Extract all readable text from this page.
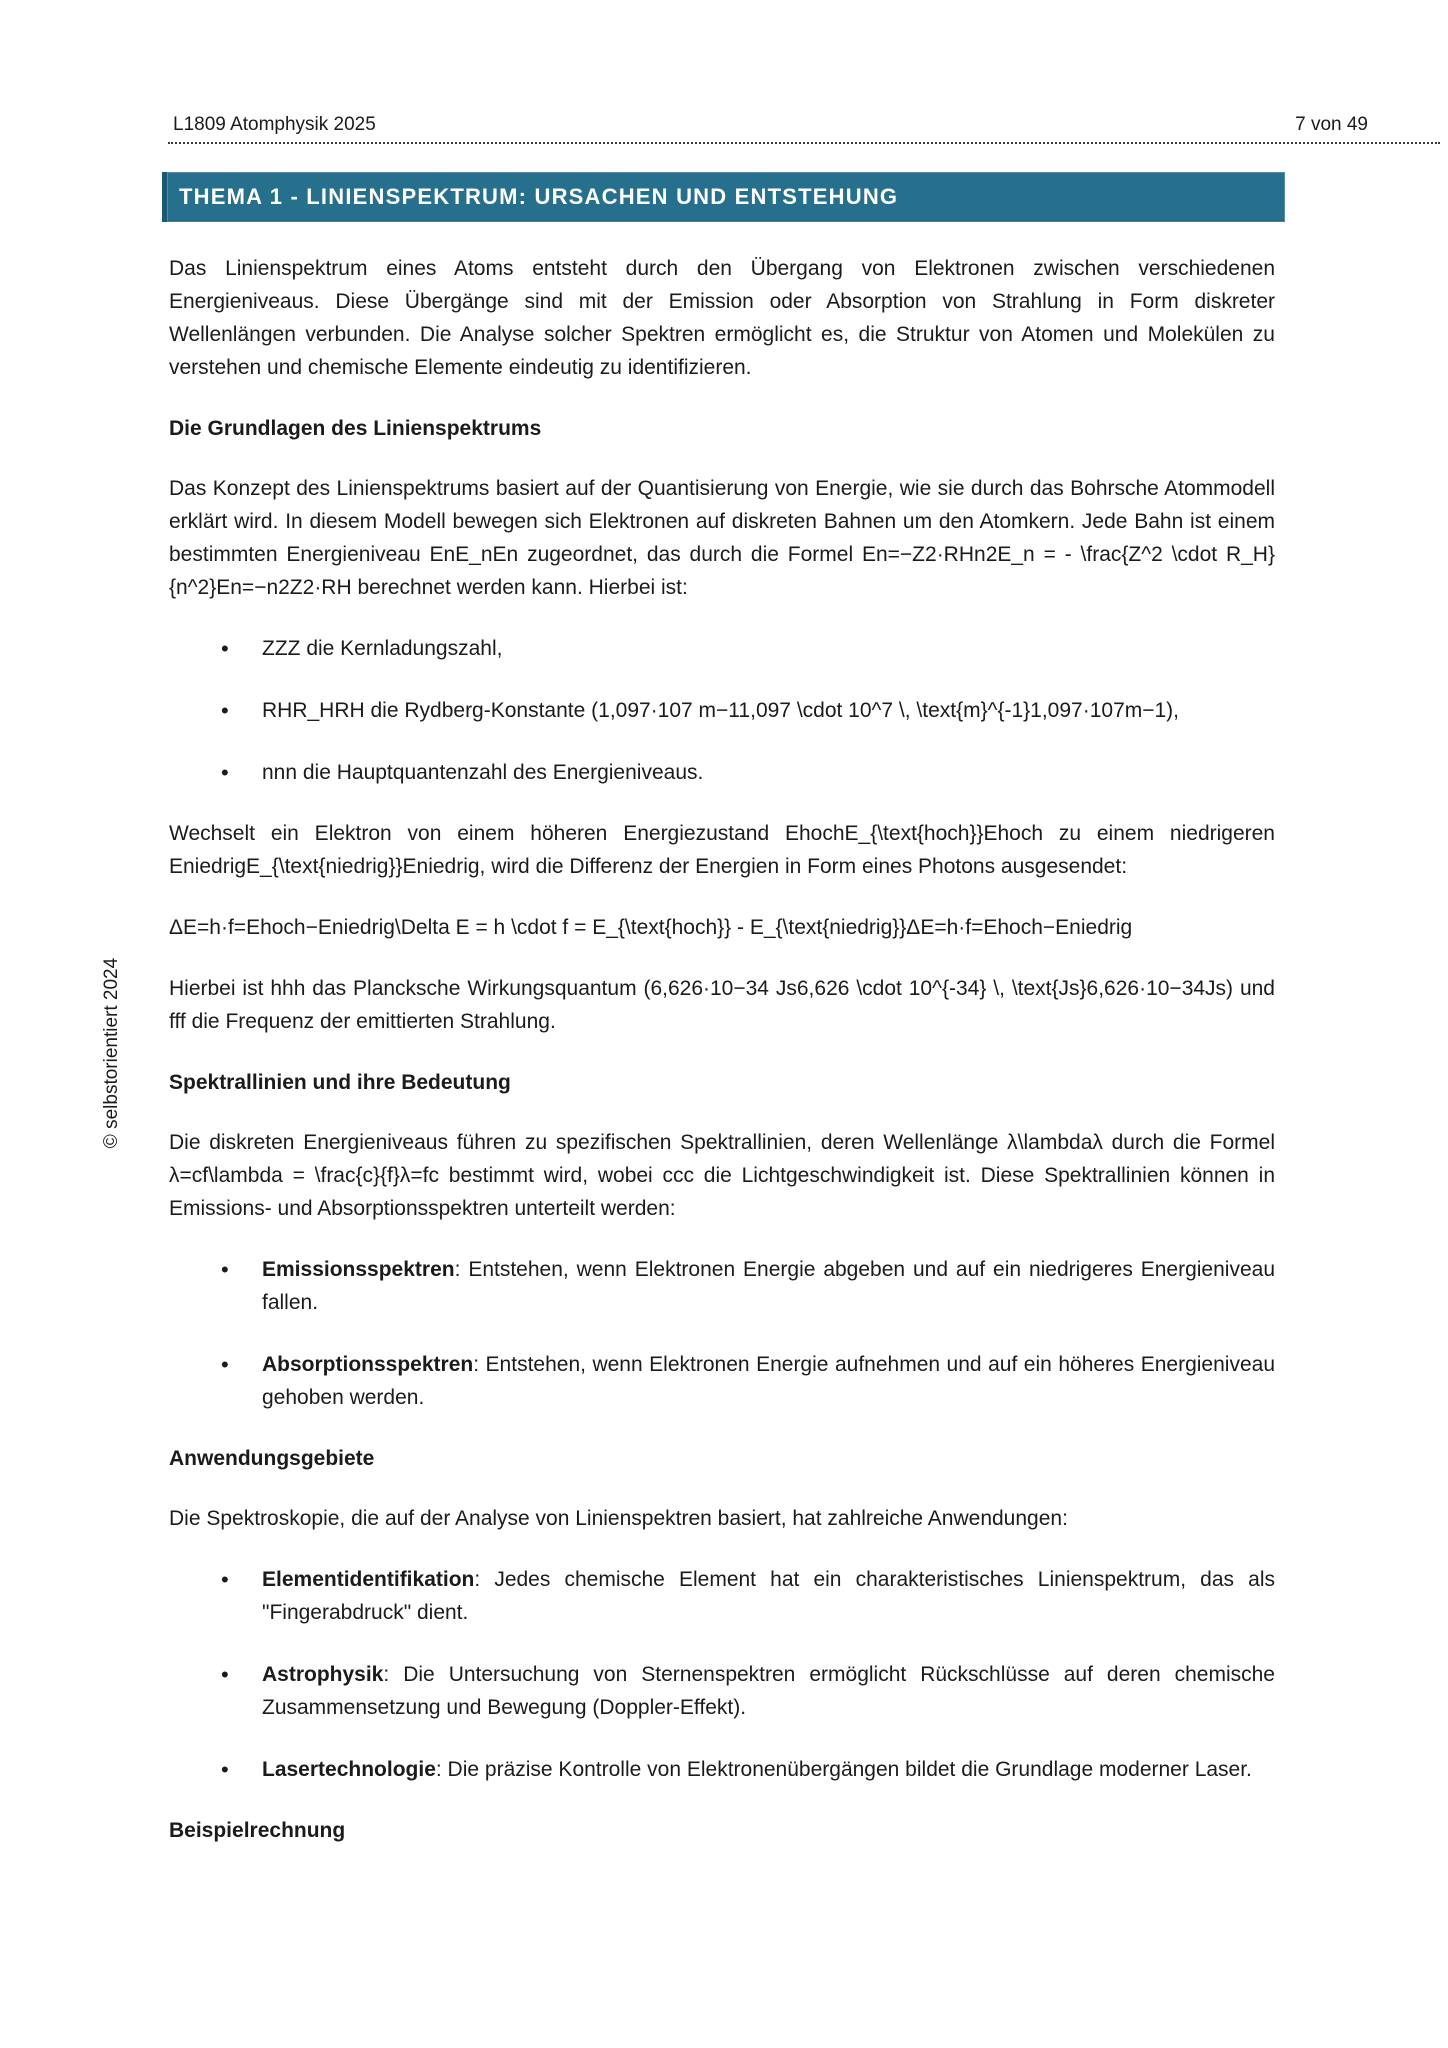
L1809 Atomphysik 2025	7 von 49
© selbstorientiert 2024
THEMA 1 - LINIENSPEKTRUM: URSACHEN UND ENTSTEHUNG

Das Linienspektrum eines Atoms entsteht durch den Übergang von Elektronen zwischen verschiedenen Energieniveaus. Diese Übergänge sind mit der Emission oder Absorption von Strahlung in Form diskreter Wellenlängen verbunden. Die Analyse solcher Spektren ermöglicht es, die Struktur von Atomen und Molekülen zu verstehen und chemische Elemente eindeutig zu identifizieren.

Die Grundlagen des Linienspektrums

Das Konzept des Linienspektrums basiert auf der Quantisierung von Energie, wie sie durch das Bohrsche Atommodell erklärt wird. In diesem Modell bewegen sich Elektronen auf diskreten Bahnen um den Atomkern. Jede Bahn ist einem bestimmten Energieniveau EnE_nEn zugeordnet, das durch die Formel En=−Z2·RHn2E_n = - \frac{Z^2 \cdot R_H}{n^2}En=−n2Z2·RH berechnet werden kann. Hierbei ist:

• ZZZ die Kernladungszahl,
• RHR_HRH die Rydberg-Konstante (1,097·107 m−11,097 \cdot 10^7 \, \text{m}^{-1}1,097·107m−1),
• nnn die Hauptquantenzahl des Energieniveaus.

Wechselt ein Elektron von einem höheren Energiezustand EhochE_{\text{hoch}}Ehoch zu einem niedrigeren EniedrigE_{\text{niedrig}}Eniedrig, wird die Differenz der Energien in Form eines Photons ausgesendet:

ΔE=h·f=Ehoch−Eniedrig\Delta E = h \cdot f = E_{\text{hoch}} - E_{\text{niedrig}}ΔE=h·f=Ehoch−Eniedrig

Hierbei ist hhh das Plancksche Wirkungsquantum (6,626·10−34 Js6,626 \cdot 10^{-34} \, \text{Js}6,626·10−34Js) und fff die Frequenz der emittierten Strahlung.

Spektrallinien und ihre Bedeutung

Die diskreten Energieniveaus führen zu spezifischen Spektrallinien, deren Wellenlänge λ\lambdaλ durch die Formel λ=cf\lambda = \frac{c}{f}λ=fc bestimmt wird, wobei ccc die Lichtgeschwindigkeit ist. Diese Spektrallinien können in Emissions- und Absorptionsspektren unterteilt werden:

• Emissionsspektren: Entstehen, wenn Elektronen Energie abgeben und auf ein niedrigeres Energieniveau fallen.
• Absorptionsspektren: Entstehen, wenn Elektronen Energie aufnehmen und auf ein höheres Energieniveau gehoben werden.
Anwendungsgebiete

Die Spektroskopie, die auf der Analyse von Linienspektren basiert, hat zahlreiche Anwendungen:

• Elementidentifikation: Jedes chemische Element hat ein charakteristisches Linienspektrum, das als "Fingerabdruck" dient.
• Astrophysik: Die Untersuchung von Sternenspektren ermöglicht Rückschlüsse auf deren chemische Zusammensetzung und Bewegung (Doppler-Effekt).
• Lasertechnologie: Die präzise Kontrolle von Elektronenübergängen bildet die Grundlage moderner Laser.
Beispielrechnung
